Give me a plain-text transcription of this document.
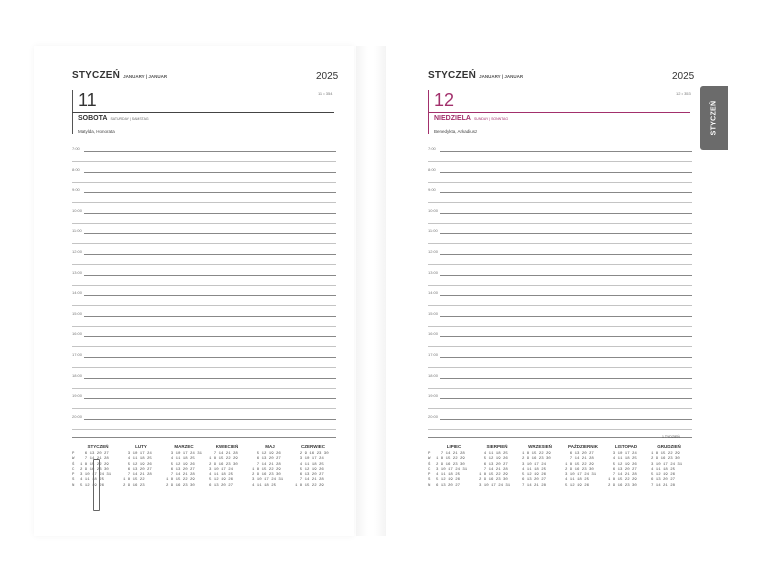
STYCZEŃ JANUARY | JANUAR	2025
11 • 354
11
SOBOTA SATURDAY | SAMSTAG
Matylda, Honorata
7:00
8:00
9:00
10:00
11:00
12:00
13:00
14:00
15:00
16:00
17:00
18:00
19:00
20:00
P
W
Ś
C
P
S
N
STYCZEŃ
6 13 20 27
7 14 21 28
1 8 15 22 29
2 9 16 23 30
3 10 17 24 31
4 11 18 25
5 12 19 26
LUTY
3 10 17 24
4 11 18 25
5 12 19 26
6 13 20 27
7 14 21 28
1 8 15 22
2 9 16 23
MARZEC
3 10 17 24 31
4 11 18 25
5 12 19 26
6 13 20 27
7 14 21 28
1 8 15 22 29
2 9 16 23 30
KWIECIEŃ
7 14 21 28
1 8 15 22 29
2 9 16 23 30
3 10 17 24
4 11 18 25
5 12 19 26
6 13 20 27
MAJ
5 12 19 26
6 13 20 27
7 14 21 28
1 8 15 22 29
2 9 16 23 30
3 10 17 24 31
4 11 18 25
CZERWIEC
2 9 16 23 30
3 10 17 24
4 11 18 25
5 12 19 26
6 13 20 27
7 14 21 28
1 8 15 22 29
STYCZEŃ JANUARY | JANUAR	2025
12 • 353
12
NIEDZIELA SUNDAY | SONNTAG
Benedykta, Arkadiusz
7:00
8:00
9:00
10:00
11:00
12:00
13:00
14:00
15:00
16:00
17:00
18:00
19:00
20:00
1 TYDZIEŃ
P
W
Ś
C
P
S
N
LIPIEC
7 14 21 28
1 8 15 22 29
2 9 16 23 30
3 10 17 24 31
4 11 18 25
5 12 19 26
6 13 20 27
SIERPIEŃ
4 11 18 25
5 12 19 26
6 13 20 27
7 14 21 28
1 8 15 22 29
2 9 16 23 30
3 10 17 24 31
WRZESIEŃ
1 8 15 22 29
2 9 16 23 30
3 10 17 24
4 11 18 25
5 12 19 26
6 13 20 27
7 14 21 28
PAŹDZIERNIK
6 13 20 27
7 14 21 28
1 8 15 22 29
2 9 16 23 30
3 10 17 24 31
4 11 18 25
5 12 19 26
LISTOPAD
3 10 17 24
4 11 18 25
5 12 19 26
6 13 20 27
7 14 21 28
1 8 15 22 29
2 9 16 23 30
GRUDZIEŃ
1 8 15 22 29
2 9 16 23 30
3 10 17 24 31
4 11 18 25
5 12 19 26
6 13 20 27
7 14 21 28
STYCZEŃ
